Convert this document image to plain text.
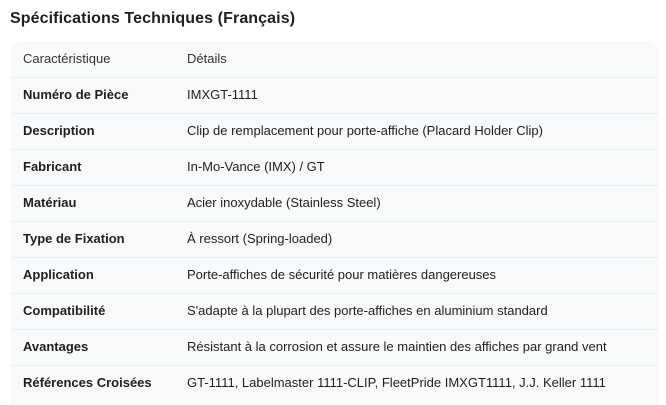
Spécifications Techniques (Français)
Caractéristique	Détails
Numéro de Pièce	IMXGT-1111
Description	Clip de remplacement pour porte-affiche (Placard Holder Clip)
Fabricant	In-Mo-Vance (IMX) / GT
Matériau	Acier inoxydable (Stainless Steel)
Type de Fixation	À ressort (Spring-loaded)
Application	Porte-affiches de sécurité pour matières dangereuses
Compatibilité	S'adapte à la plupart des porte-affiches en aluminium standard
Avantages	Résistant à la corrosion et assure le maintien des affiches par grand vent
Références Croisées	GT-1111, Labelmaster 1111-CLIP, FleetPride IMXGT1111, J.J. Keller 1111
